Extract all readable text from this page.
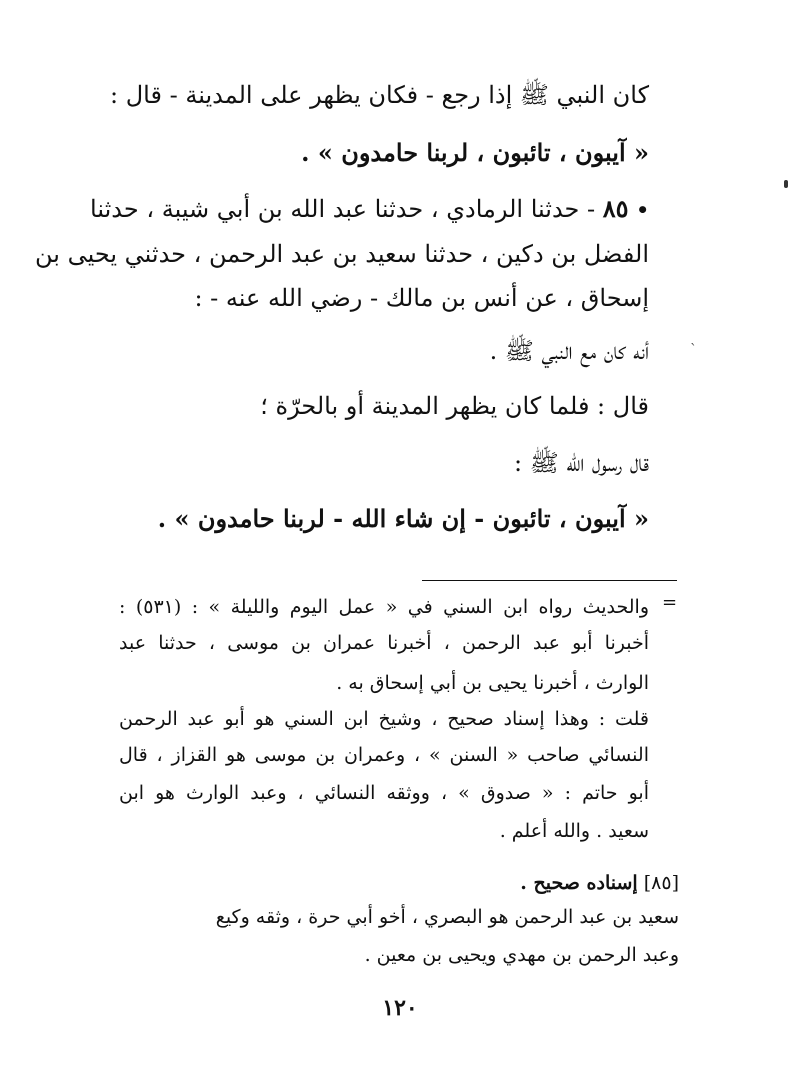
كان النبي ﷺ إذا رجع - فكان يظهر على المدينة - قال :
« آيبون ، تائبون ، لربنا حامدون » .
• ٨٥ - حدثنا الرمادي ، حدثنا عبد الله بن أبي شيبة ، حدثنا
الفضل بن دكين ، حدثنا سعيد بن عبد الرحمن ، حدثني يحيى بن
إسحاق ، عن أنس بن مالك - رضي الله عنه - :
ˋ
أنه كان مع النبي ﷺ .
قال : فلما كان يظهر المدينة أو بالحرّة ؛
قال رسول الله ﷺ :
« آيبون ، تائبون - إن شاء الله - لربنا حامدون » .
=
والحديث رواه ابن السني في « عمل اليوم والليلة » : (٥٣١) :
أخبرنا أبو عبد الرحمن ، أخبرنا عمران بن موسى ، حدثنا عبد
الوارث ، أخبرنا يحيى بن أبي إسحاق به .
قلت : وهذا إسناد صحيح ، وشيخ ابن السني هو أبو عبد الرحمن
النسائي صاحب « السنن » ، وعمران بن موسى هو القزاز ، قال
أبو حاتم : « صدوق » ، ووثقه النسائي ، وعبد الوارث هو ابن
سعيد . والله أعلم .
[٨٥] إسناده صحيح .
سعيد بن عبد الرحمن هو البصري ، أخو أبي حرة ، وثقه وكيع
وعبد الرحمن بن مهدي ويحيى بن معين .
١٢٠
